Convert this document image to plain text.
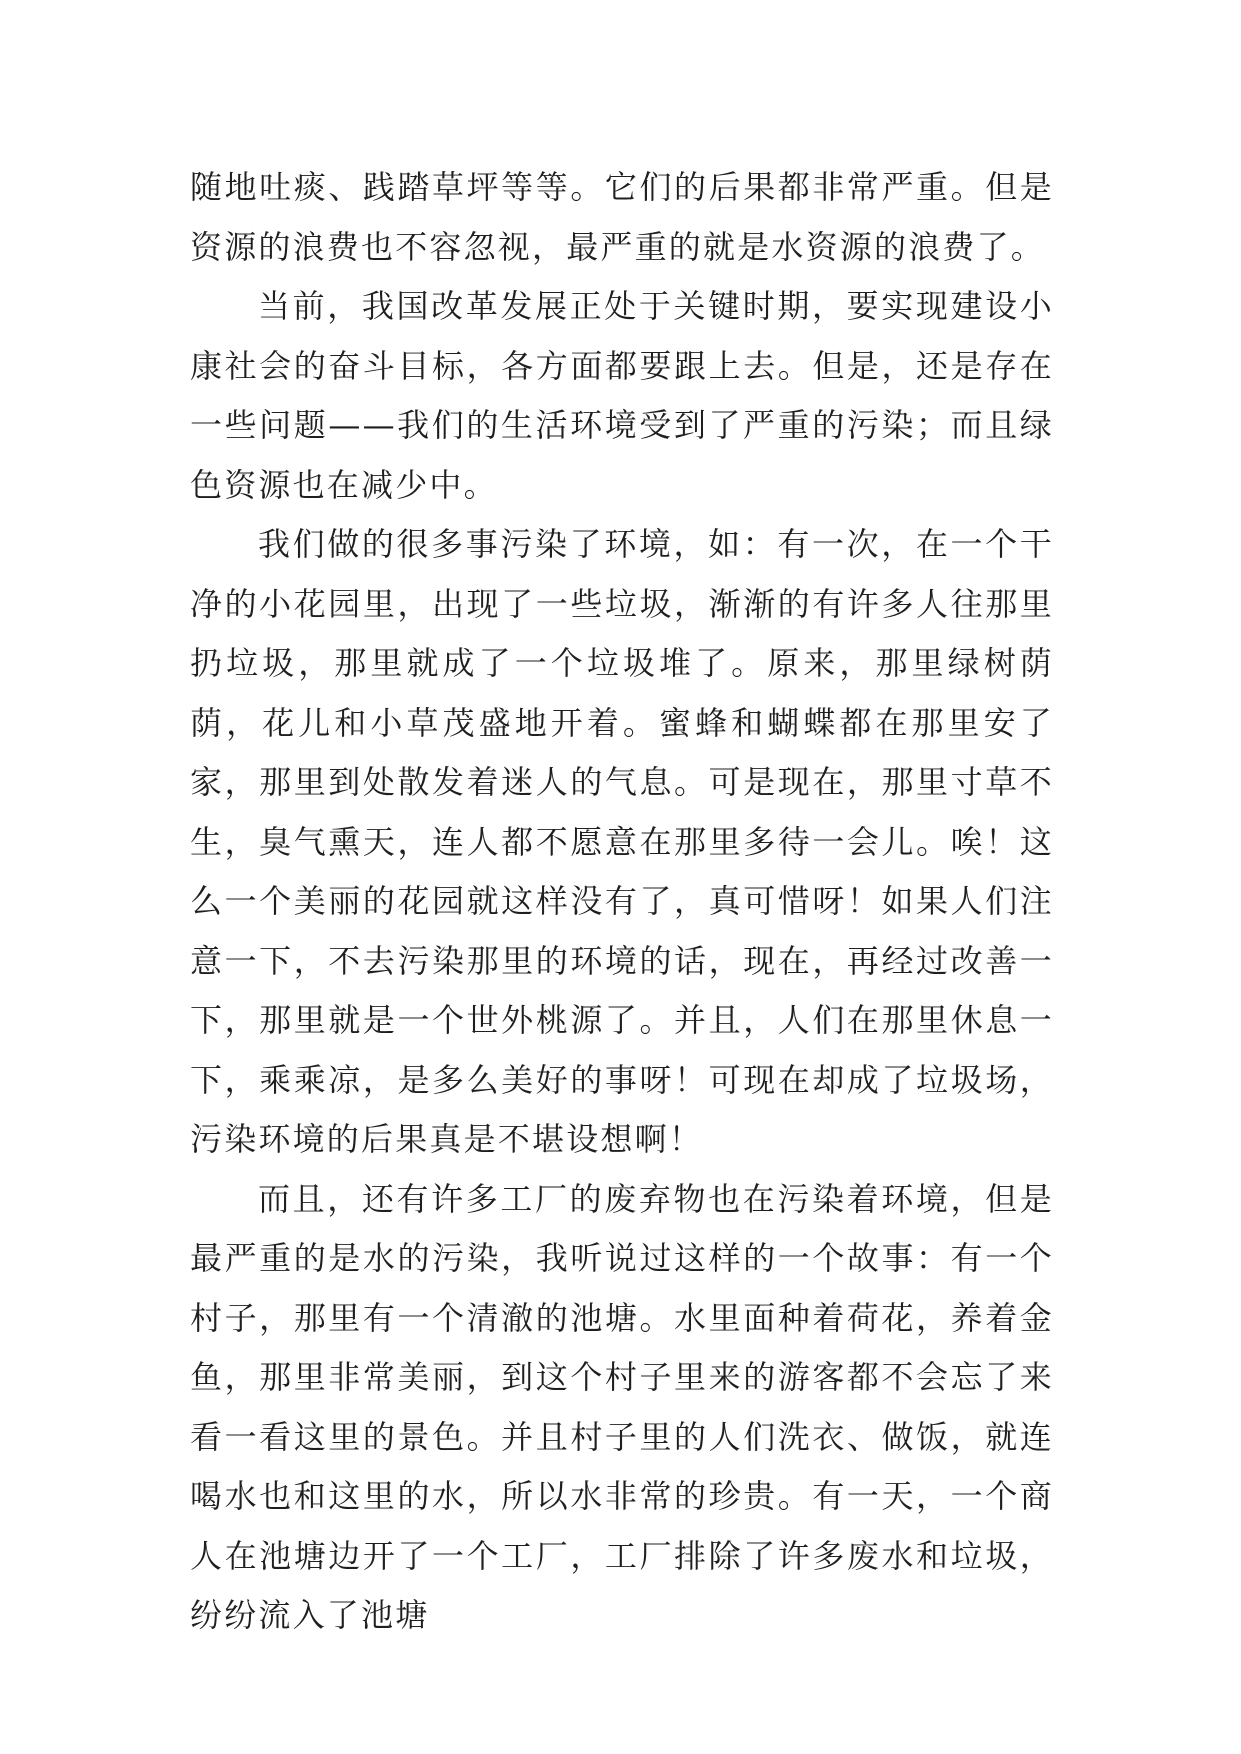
随地吐痰、践踏草坪等等。它们的后果都非常严重。但是资源的浪费也不容忽视，最严重的就是水资源的浪费了。

当前，我国改革发展正处于关键时期，要实现建设小康社会的奋斗目标，各方面都要跟上去。但是，还是存在一些问题——我们的生活环境受到了严重的污染；而且绿色资源也在减少中。

我们做的很多事污染了环境，如：有一次，在一个干净的小花园里，出现了一些垃圾，渐渐的有许多人往那里扔垃圾，那里就成了一个垃圾堆了。原来，那里绿树荫荫，花儿和小草茂盛地开着。蜜蜂和蝴蝶都在那里安了家，那里到处散发着迷人的气息。可是现在，那里寸草不生，臭气熏天，连人都不愿意在那里多待一会儿。唉！这么一个美丽的花园就这样没有了，真可惜呀！如果人们注意一下，不去污染那里的环境的话，现在，再经过改善一下，那里就是一个世外桃源了。并且，人们在那里休息一下，乘乘凉，是多么美好的事呀！可现在却成了垃圾场，污染环境的后果真是不堪设想啊！

而且，还有许多工厂的废弃物也在污染着环境，但是最严重的是水的污染，我听说过这样的一个故事：有一个村子，那里有一个清澈的池塘。水里面种着荷花，养着金鱼，那里非常美丽，到这个村子里来的游客都不会忘了来看一看这里的景色。并且村子里的人们洗衣、做饭，就连喝水也和这里的水，所以水非常的珍贵。有一天，一个商人在池塘边开了一个工厂，工厂排除了许多废水和垃圾，纷纷流入了池塘
